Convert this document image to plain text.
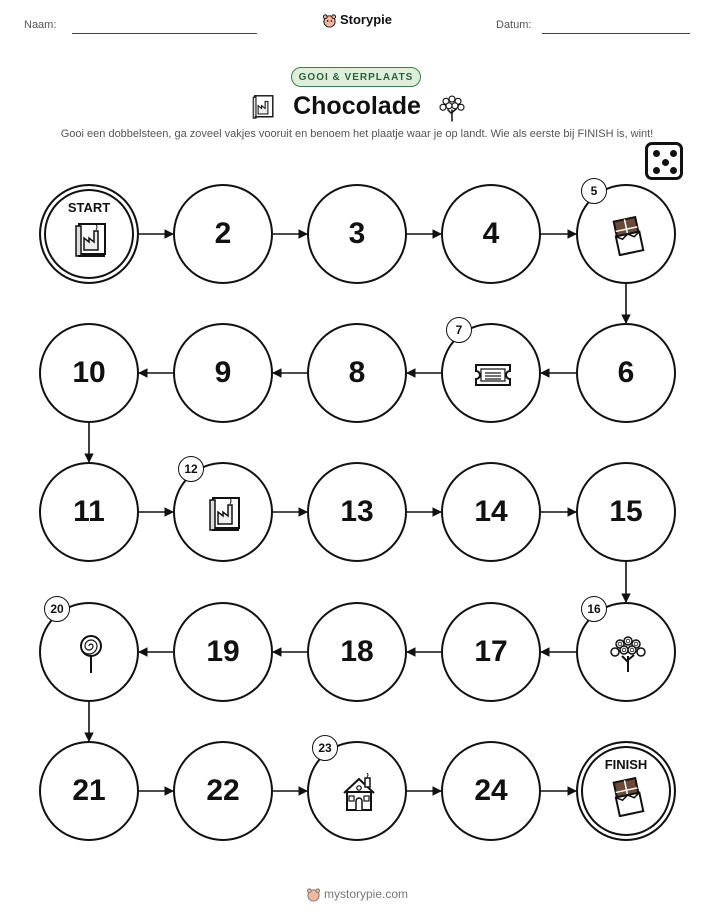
Naam:	Storypie	Datum:
GOOI & VERPLAATS
Chocolade
Gooi een dobbelsteen, ga zoveel vakjes vooruit en benoem het plaatje waar je op landt. Wie als eerste bij FINISH is, wint!
START
2	3	4
5
6
7
8
9
10
11
12
13	14	15
16
17
18
19
20
21	22
23
24
FINISH
mystorypie.com
